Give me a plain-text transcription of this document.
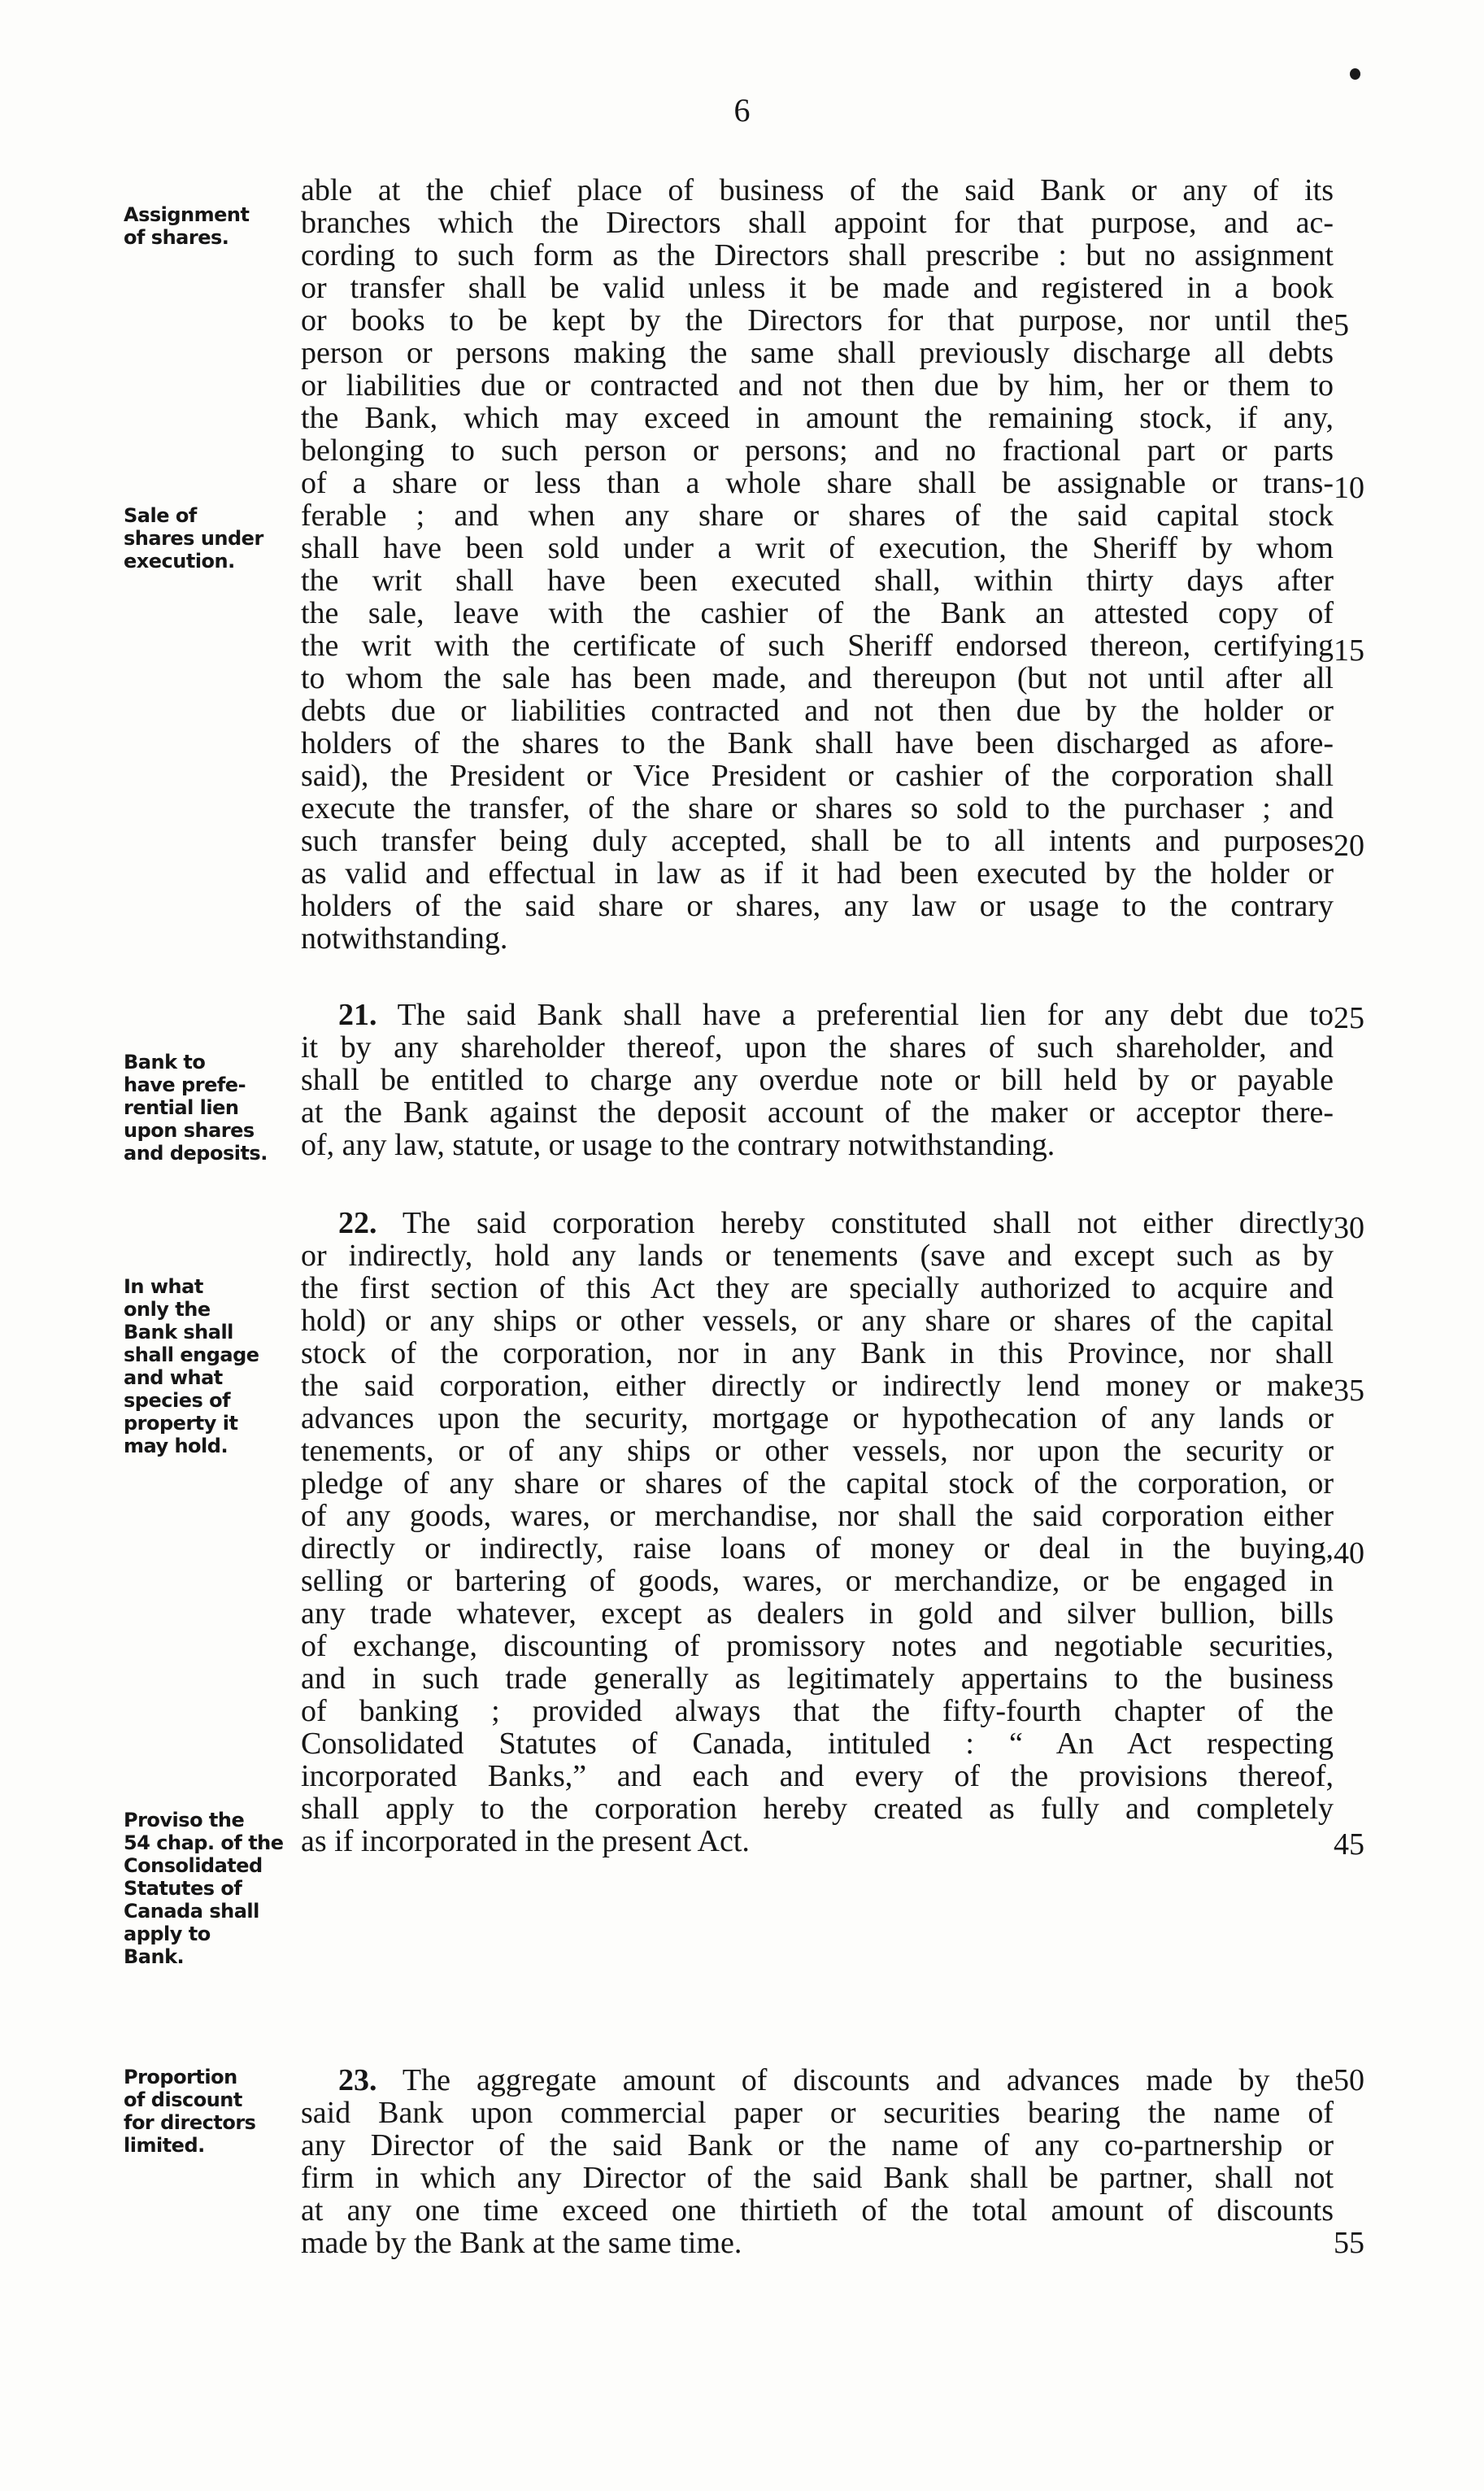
6
able at the chief place of business of the said Bank or any of its
branches which the Directors shall appoint for that purpose, and ac-
cording to such form as the Directors shall prescribe : but no assignment
or transfer shall be valid unless it be made and registered in a book
or books to be kept by the Directors for that purpose, nor until the
person or persons making the same shall previously discharge all debts
or liabilities due or contracted and not then due by him, her or them to
the Bank, which may exceed in amount the remaining stock, if any,
belonging to such person or persons; and no fractional part or parts
of a share or less than a whole share shall be assignable or trans-
ferable ; and when any share or shares of the said capital stock
shall have been sold under a writ of execution, the Sheriff by whom
the writ shall have been executed shall, within thirty days after
the sale, leave with the cashier of the Bank an attested copy of
the writ with the certificate of such Sheriff endorsed thereon, certifying
to whom the sale has been made, and thereupon (but not until after all
debts due or liabilities contracted and not then due by the holder or
holders of the shares to the Bank shall have been discharged as afore-
said), the President or Vice President or cashier of the corporation shall
execute the transfer, of the share or shares so sold to the purchaser ; and
such transfer being duly accepted, shall be to all intents and purposes
as valid and effectual in law as if it had been executed by the holder or
holders of the said share or shares, any law or usage to the contrary
notwithstanding.
21. The said Bank shall have a preferential lien for any debt due to
it by any shareholder thereof, upon the shares of such shareholder, and
shall be entitled to charge any overdue note or bill held by or payable
at the Bank against the deposit account of the maker or acceptor there-
of, any law, statute, or usage to the contrary notwithstanding.
22. The said corporation hereby constituted shall not either directly
or indirectly, hold any lands or tenements (save and except such as by
the first section of this Act they are specially authorized to acquire and
hold) or any ships or other vessels, or any share or shares of the capital
stock of the corporation, nor in any Bank in this Province, nor shall
the said corporation, either directly or indirectly lend money or make
advances upon the security, mortgage or hypothecation of any lands or
tenements, or of any ships or other vessels, nor upon the security or
pledge of any share or shares of the capital stock of the corporation, or
of any goods, wares, or merchandise, nor shall the said corporation either
directly or indirectly, raise loans of money or deal in the buying,
selling or bartering of goods, wares, or merchandize, or be engaged in
any trade whatever, except as dealers in gold and silver bullion, bills
of exchange, discounting of promissory notes and negotiable securities,
and in such trade generally as legitimately appertains to the business
of banking ; provided always that the fifty-fourth chapter of the
Consolidated Statutes of Canada, intituled : “ An Act respecting
incorporated Banks,” and each and every of the provisions thereof,
shall apply to the corporation hereby created as fully and completely
as if incorporated in the present Act.
23. The aggregate amount of discounts and advances made by the
said Bank upon commercial paper or securities bearing the name of
any Director of the said Bank or the name of any co-partnership or
firm in which any Director of the said Bank shall be partner, shall not
at any one time exceed one thirtieth of the total amount of discounts
made by the Bank at the same time.
Assignment
of shares.
Sale of
shares under
execution.
Bank to
have prefe-
rential lien
upon shares
and deposits.
In what
only the
Bank shall
shall engage
and what
species of
property it
may hold.
Proviso the
54 chap. of the
Consolidated
Statutes of
Canada shall
apply to
Bank.
Proportion
of discount
for directors
limited.
5
10
15
20
25
30
35
40
45
50
55
